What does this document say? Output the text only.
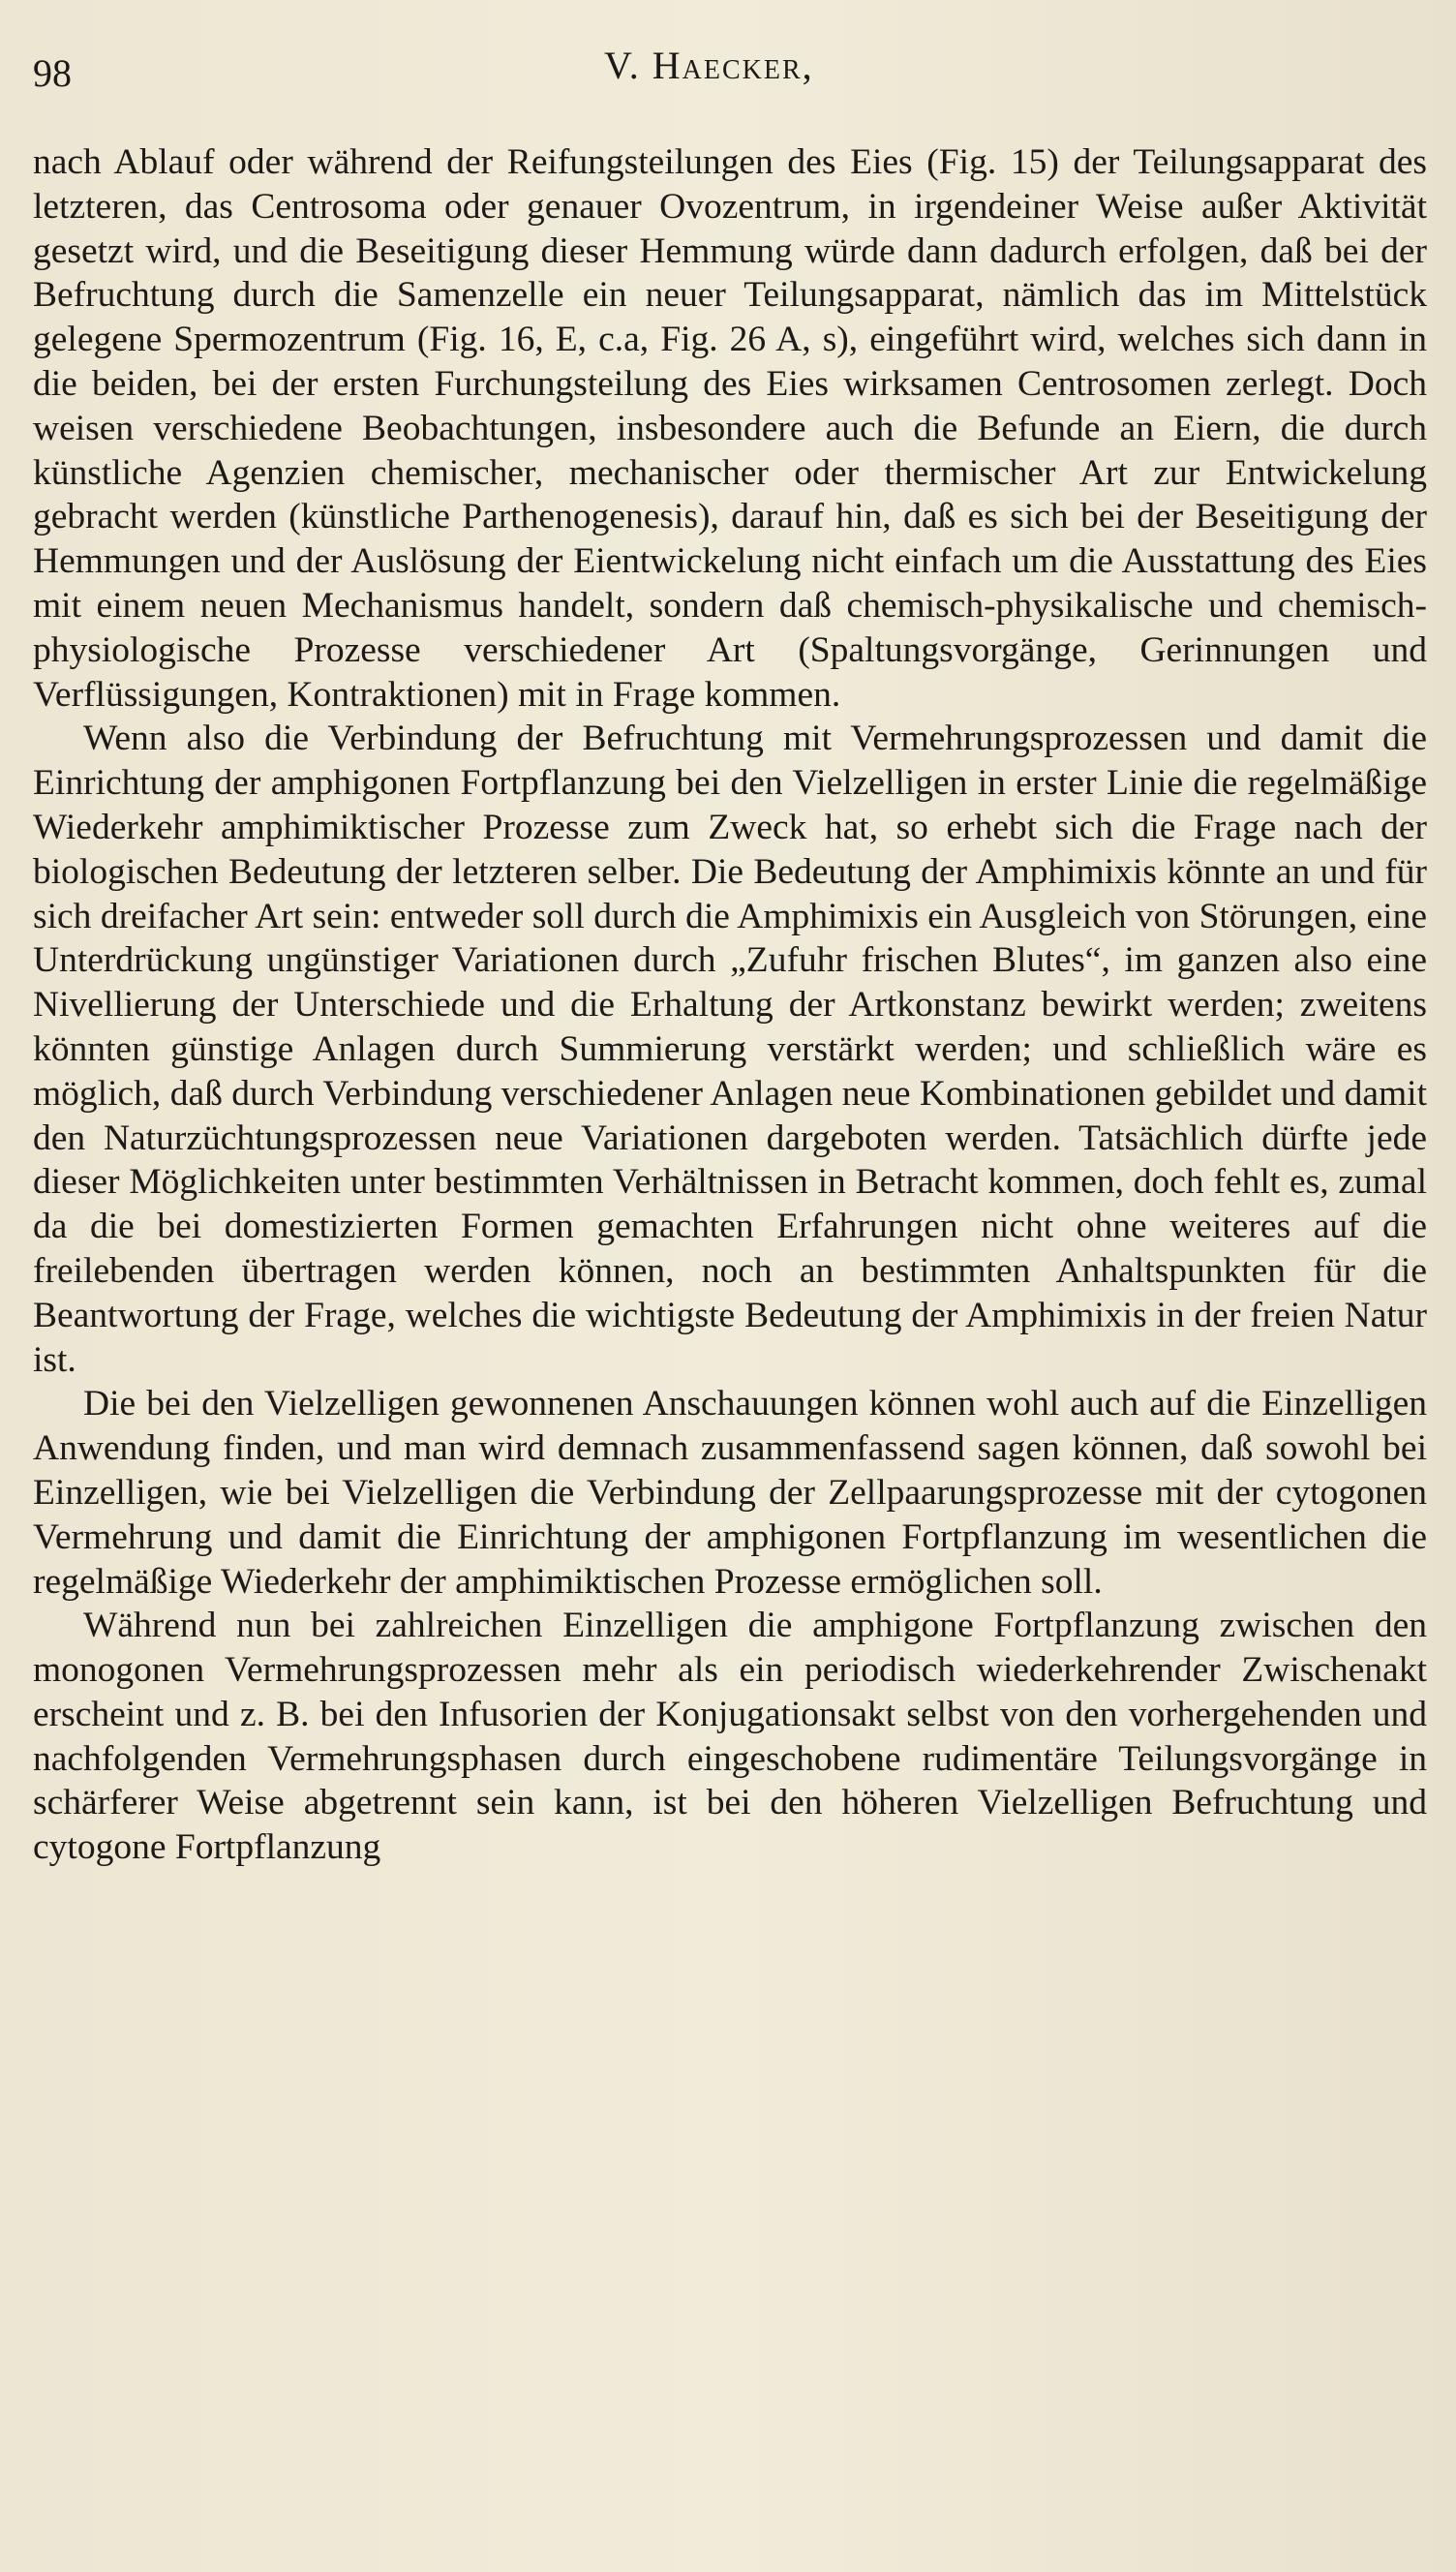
98	V. Haecker,

nach Ablauf oder während der Reifungsteilungen des Eies (Fig. 15) der Teilungsapparat des letzteren, das Centrosoma oder genauer Ovozentrum, in irgendeiner Weise außer Aktivität gesetzt wird, und die Beseitigung dieser Hemmung würde dann dadurch erfolgen, daß bei der Befruchtung durch die Samenzelle ein neuer Teilungsapparat, nämlich das im Mittelstück gelegene Spermozentrum (Fig. 16, E, c.a, Fig. 26 A, s), eingeführt wird, welches sich dann in die beiden, bei der ersten Furchungsteilung des Eies wirksamen Centrosomen zerlegt. Doch weisen verschiedene Beobachtungen, insbesondere auch die Befunde an Eiern, die durch künstliche Agenzien chemischer, mechanischer oder thermischer Art zur Entwickelung gebracht werden (künstliche Parthenogenesis), darauf hin, daß es sich bei der Beseitigung der Hemmungen und der Auslösung der Eientwickelung nicht einfach um die Ausstattung des Eies mit einem neuen Mechanismus handelt, sondern daß chemisch-physikalische und chemisch-physiologische Prozesse verschiedener Art (Spaltungsvorgänge, Gerinnungen und Verflüssigungen, Kontraktionen) mit in Frage kommen.

Wenn also die Verbindung der Befruchtung mit Vermehrungsprozessen und damit die Einrichtung der amphigonen Fortpflanzung bei den Vielzelligen in erster Linie die regelmäßige Wiederkehr amphimiktischer Prozesse zum Zweck hat, so erhebt sich die Frage nach der biologischen Bedeutung der letzteren selber. Die Bedeutung der Amphimixis könnte an und für sich dreifacher Art sein: entweder soll durch die Amphimixis ein Ausgleich von Störungen, eine Unterdrückung ungünstiger Variationen durch „Zufuhr frischen Blutes“, im ganzen also eine Nivellierung der Unterschiede und die Erhaltung der Artkonstanz bewirkt werden; zweitens könnten günstige Anlagen durch Summierung verstärkt werden; und schließlich wäre es möglich, daß durch Verbindung verschiedener Anlagen neue Kombinationen gebildet und damit den Naturzüchtungsprozessen neue Variationen dargeboten werden. Tatsächlich dürfte jede dieser Möglichkeiten unter bestimmten Verhältnissen in Betracht kommen, doch fehlt es, zumal da die bei domestizierten Formen gemachten Erfahrungen nicht ohne weiteres auf die freilebenden übertragen werden können, noch an bestimmten Anhaltspunkten für die Beantwortung der Frage, welches die wichtigste Bedeutung der Amphimixis in der freien Natur ist.

Die bei den Vielzelligen gewonnenen Anschauungen können wohl auch auf die Einzelligen Anwendung finden, und man wird demnach zusammenfassend sagen können, daß sowohl bei Einzelligen, wie bei Vielzelligen die Verbindung der Zellpaarungsprozesse mit der cytogonen Vermehrung und damit die Einrichtung der amphigonen Fortpflanzung im wesentlichen die regelmäßige Wiederkehr der amphimiktischen Prozesse ermöglichen soll.

Während nun bei zahlreichen Einzelligen die amphigone Fortpflanzung zwischen den monogonen Vermehrungsprozessen mehr als ein periodisch wiederkehrender Zwischenakt erscheint und z. B. bei den Infusorien der Konjugationsakt selbst von den vorhergehenden und nachfolgenden Vermehrungsphasen durch eingeschobene rudimentäre Teilungsvorgänge in schärferer Weise abgetrennt sein kann, ist bei den höheren Vielzelligen Befruchtung und cytogone Fortpflanzung
